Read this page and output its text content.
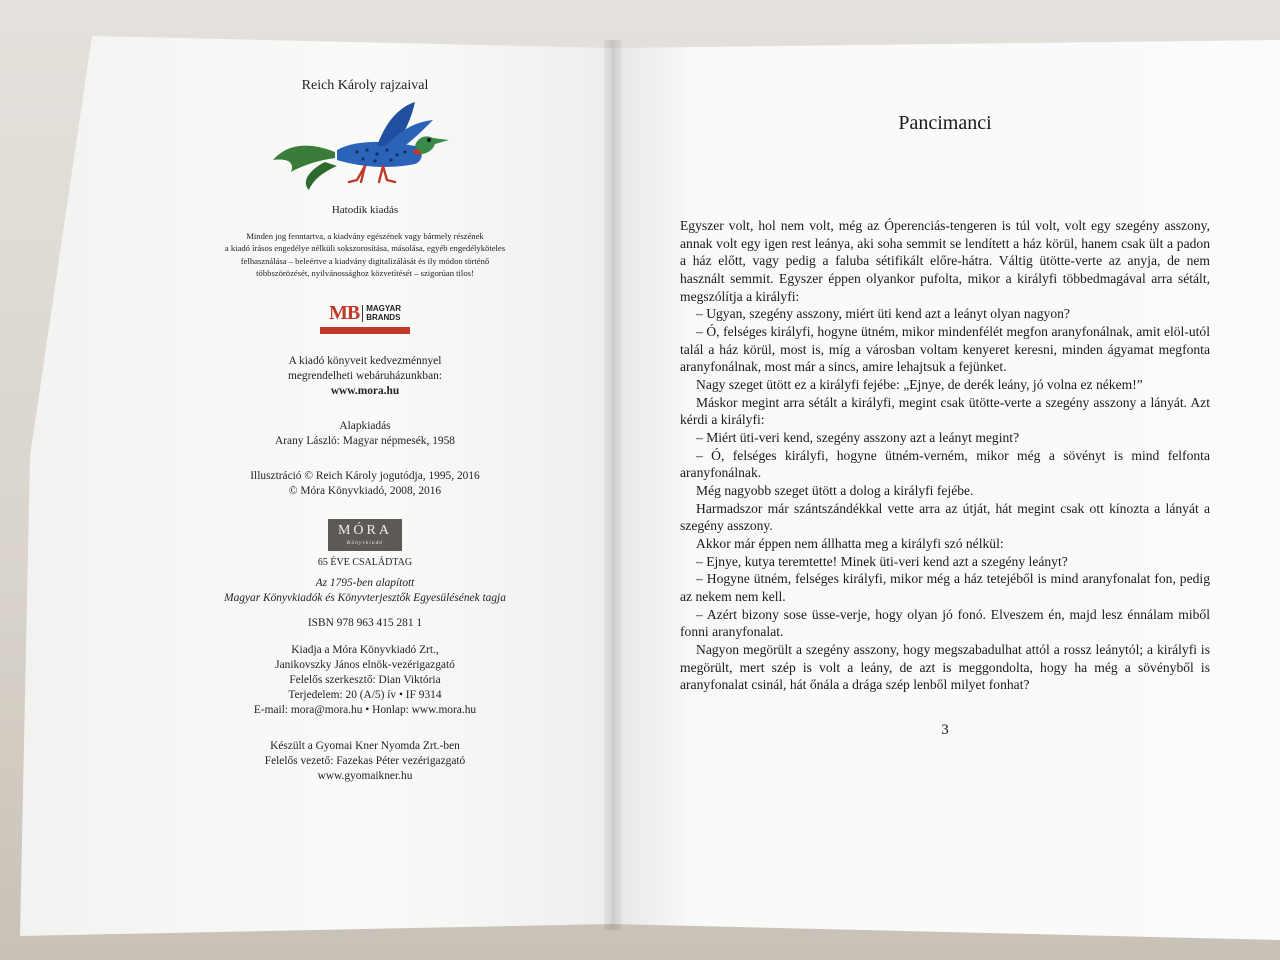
Reich Károly rajzaival
Hatodik kiadás
Minden jog fenntartva, a kiadvány egészének vagy bármely részének
a kiadó írásos engedélye nélküli sokszorosítása, másolása, egyéb engedélyköteles
felhasználása – beleértve a kiadvány digitalizálását és ily módon történő
többszörözését, nyilvánossághoz közvetítését – szigorúan tilos!
MB MAGYAR
BRANDS
A kiadó könyveit kedvezménnyel
megrendelheti webáruházunkban:
www.mora.hu
Alapkiadás
Arany László: Magyar népmesék, 1958
Illusztráció © Reich Károly jogutódja, 1995, 2016
© Móra Könyvkiadó, 2008, 2016
MÓRA
Könyvkiadó
65 ÉVE CSALÁDTAG
Az 1795-ben alapított
Magyar Könyvkiadók és Könyvterjesztők Egyesülésének tagja
ISBN 978 963 415 281 1
Kiadja a Móra Könyvkiadó Zrt.,
Janikovszky János elnök-vezérigazgató
Felelős szerkesztő: Dian Viktória
Terjedelem: 20 (A/5) ív • IF 9314
E-mail: mora@mora.hu • Honlap: www.mora.hu
Készült a Gyomai Kner Nyomda Zrt.-ben
Felelős vezető: Fazekas Péter vezérigazgató
www.gyomaikner.hu
Pancimanci

Egyszer volt, hol nem volt, még az Óperenciás-tengeren is túl volt, volt egy szegény asszony, annak volt egy igen rest leánya, aki soha semmit se lendített a ház körül, hanem csak ült a padon a ház előtt, vagy pedig a faluba sétifikált előre-hátra. Váltig ütötte-verte az anyja, de nem használt semmit. Egyszer éppen olyankor pufolta, mikor a királyfi többedmagával arra sétált, megszólítja a királyfi:

– Ugyan, szegény asszony, miért üti kend azt a leányt olyan nagyon?

– Ó, felséges királyfi, hogyne ütném, mikor mindenfélét megfon aranyfonálnak, amit elöl-utól talál a ház körül, most is, míg a városban voltam kenyeret keresni, minden ágyamat megfonta aranyfonálnak, most már a sincs, amire lehajtsuk a fejünket.

Nagy szeget ütött ez a királyfi fejébe: „Ejnye, de derék leány, jó volna ez nékem!”

Máskor megint arra sétált a királyfi, megint csak ütötte-verte a szegény asszony a lányát. Azt kérdi a királyfi:

– Miért üti-veri kend, szegény asszony azt a leányt megint?

– Ó, felséges királyfi, hogyne ütném-verném, mikor még a sövényt is mind felfonta aranyfonálnak.

Még nagyobb szeget ütött a dolog a királyfi fejébe.

Harmadszor már szántszándékkal vette arra az útját, hát megint csak ott kínozta a lányát a szegény asszony.

Akkor már éppen nem állhatta meg a királyfi szó nélkül:

– Ejnye, kutya teremtette! Minek üti-veri kend azt a szegény leányt?

– Hogyne ütném, felséges királyfi, mikor még a ház tetejéből is mind aranyfonalat fon, pedig az nekem nem kell.

– Azért bizony sose üsse-verje, hogy olyan jó fonó. Elveszem én, majd lesz énnálam miből fonni aranyfonalat.

Nagyon megörült a szegény asszony, hogy megszabadulhat attól a rossz leánytól; a királyfi is megörült, mert szép is volt a leány, de azt is meggondolta, hogy ha még a sövényből is aranyfonalat csinál, hát őnála a drága szép lenből milyet fonhat?

3
